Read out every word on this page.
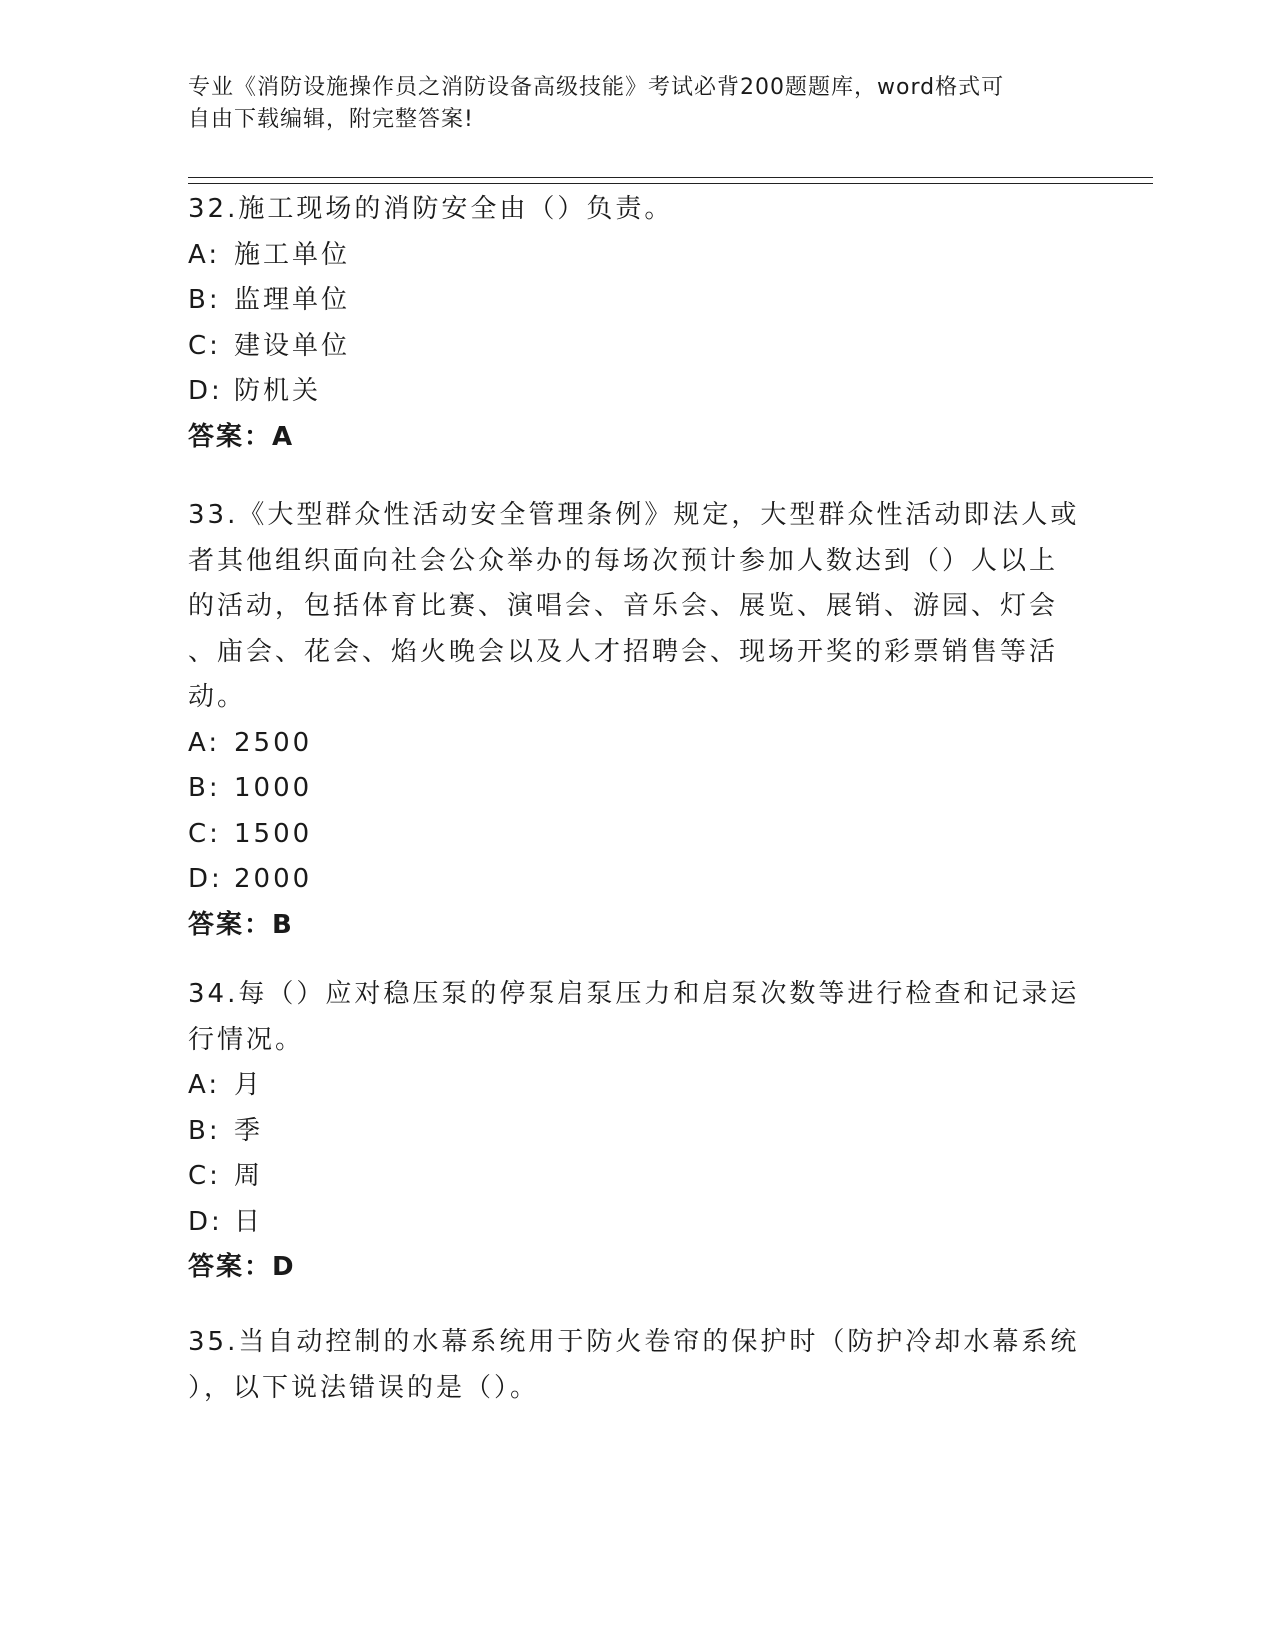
专业《消防设施操作员之消防设备高级技能》考试必背200题题库，word格式可
自由下载编辑，附完整答案!
32.施工现场的消防安全由（）负责。
A: 施工单位
B: 监理单位
C: 建设单位
D: 防机关
答案：A
33.《大型群众性活动安全管理条例》规定，大型群众性活动即法人或
者其他组织面向社会公众举办的每场次预计参加人数达到（）人以上
的活动，包括体育比赛、演唱会、音乐会、展览、展销、游园、灯会
、庙会、花会、焰火晚会以及人才招聘会、现场开奖的彩票销售等活
动。
A: 2500
B: 1000
C: 1500
D: 2000
答案：B
34.每（）应对稳压泵的停泵启泵压力和启泵次数等进行检查和记录运
行情况。
A: 月
B: 季
C: 周
D: 日
答案：D
35.当自动控制的水幕系统用于防火卷帘的保护时（防护冷却水幕系统
），以下说法错误的是（）。
